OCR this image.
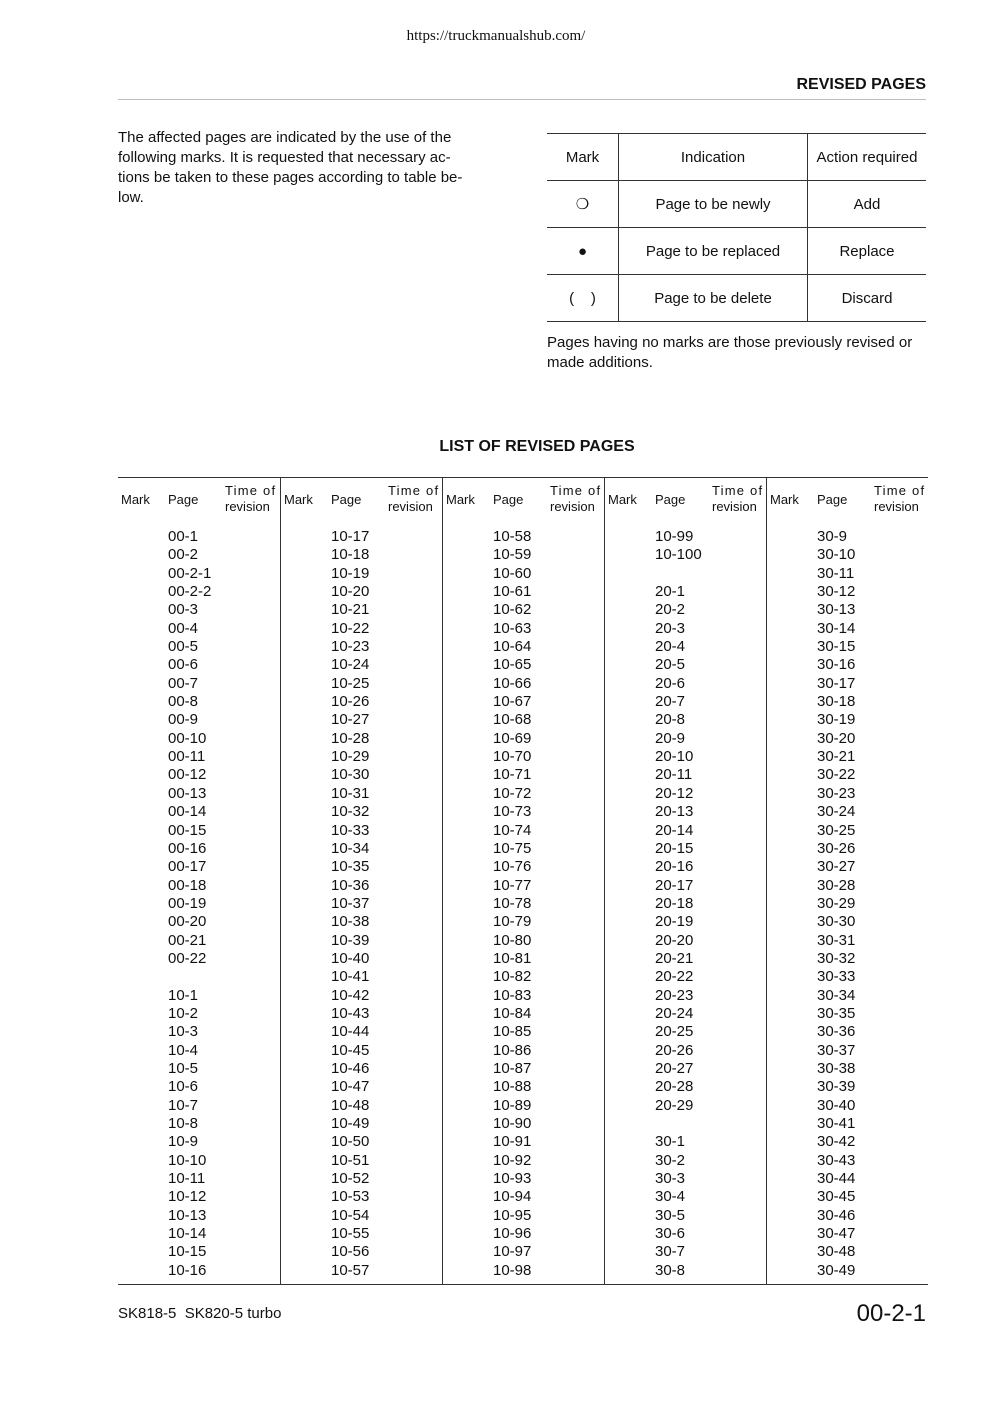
https://truckmanualshub.com/
REVISED PAGES

The affected pages are indicated by the use of the
following marks. It is requested that necessary ac-
tions be taken to these pages according to table be-
low.

Mark	Indication	Action required
❍	Page to be newly	Add
●	Page to be replaced	Replace
(    )	Page to be delete	Discard

Pages having no marks are those previously revised or made additions.

LIST OF REVISED PAGES
Mark Page
Time of
revision
00-1
00-2
00-2-1
00-2-2
00-3
00-4
00-5
00-6
00-7
00-8
00-9
00-10
00-11
00-12
00-13
00-14
00-15
00-16
00-17
00-18
00-19
00-20
00-21
00-22
10-1
10-2
10-3
10-4
10-5
10-6
10-7
10-8
10-9
10-10
10-11
10-12
10-13
10-14
10-15
10-16
Mark Page
Time of
revision
10-17
10-18
10-19
10-20
10-21
10-22
10-23
10-24
10-25
10-26
10-27
10-28
10-29
10-30
10-31
10-32
10-33
10-34
10-35
10-36
10-37
10-38
10-39
10-40
10-41
10-42
10-43
10-44
10-45
10-46
10-47
10-48
10-49
10-50
10-51
10-52
10-53
10-54
10-55
10-56
10-57
Mark Page
Time of
revision
10-58
10-59
10-60
10-61
10-62
10-63
10-64
10-65
10-66
10-67
10-68
10-69
10-70
10-71
10-72
10-73
10-74
10-75
10-76
10-77
10-78
10-79
10-80
10-81
10-82
10-83
10-84
10-85
10-86
10-87
10-88
10-89
10-90
10-91
10-92
10-93
10-94
10-95
10-96
10-97
10-98
Mark Page
Time of
revision
10-99
10-100
20-1
20-2
20-3
20-4
20-5
20-6
20-7
20-8
20-9
20-10
20-11
20-12
20-13
20-14
20-15
20-16
20-17
20-18
20-19
20-20
20-21
20-22
20-23
20-24
20-25
20-26
20-27
20-28
20-29
30-1
30-2
30-3
30-4
30-5
30-6
30-7
30-8
Mark Page
Time of
revision
30-9
30-10
30-11
30-12
30-13
30-14
30-15
30-16
30-17
30-18
30-19
30-20
30-21
30-22
30-23
30-24
30-25
30-26
30-27
30-28
30-29
30-30
30-31
30-32
30-33
30-34
30-35
30-36
30-37
30-38
30-39
30-40
30-41
30-42
30-43
30-44
30-45
30-46
30-47
30-48
30-49
SK818-5  SK820-5 turbo	00-2-1
